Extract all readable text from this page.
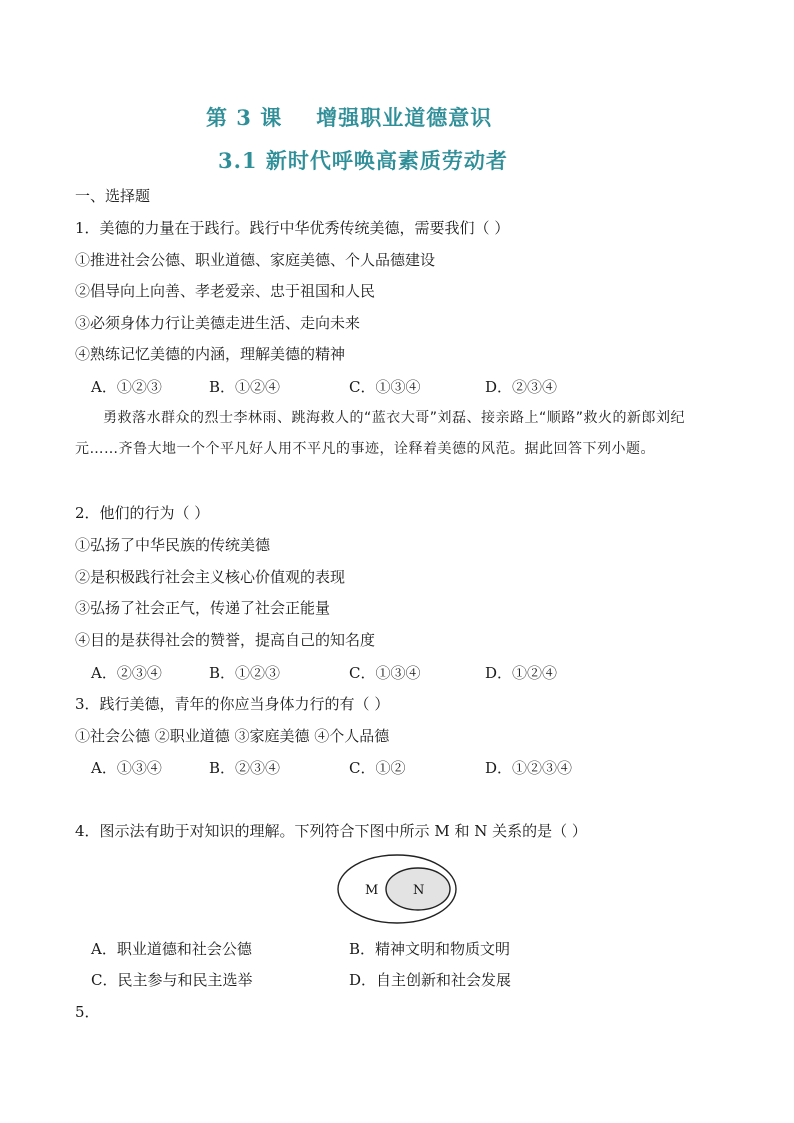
第 3 课 增强职业道德意识
3.1 新时代呼唤高素质劳动者
一、选择题
1．美德的力量在于践行。践行中华优秀传统美德，需要我们（ ）
①推进社会公德、职业道德、家庭美德、个人品德建设
②倡导向上向善、孝老爱亲、忠于祖国和人民
③必须身体力行让美德走进生活、走向未来
④熟练记忆美德的内涵，理解美德的精神
A．①②③	B．①②④	C．①③④	D．②③④

勇救落水群众的烈士李林雨、跳海救人的“蓝衣大哥”刘磊、接亲路上“顺路”救火的新郎刘纪元……齐鲁大地一个个平凡好人用不平凡的事迹，诠释着美德的风范。据此回答下列小题。

2．他们的行为（ ）
①弘扬了中华民族的传统美德
②是积极践行社会主义核心价值观的表现
③弘扬了社会正气，传递了社会正能量
④目的是获得社会的赞誉，提高自己的知名度
A．②③④	B．①②③	C．①③④	D．①②④
3．践行美德，青年的你应当身体力行的有（ ）
①社会公德 ②职业道德 ③家庭美德 ④个人品德
A．①③④	B．②③④	C．①②	D．①②③④
4．图示法有助于对知识的理解。下列符合下图中所示 M 和 N 关系的是（ ）
M	N
A．职业道德和社会公德	B．精神文明和物质文明
C．民主参与和民主选举	D．自主创新和社会发展
5．
